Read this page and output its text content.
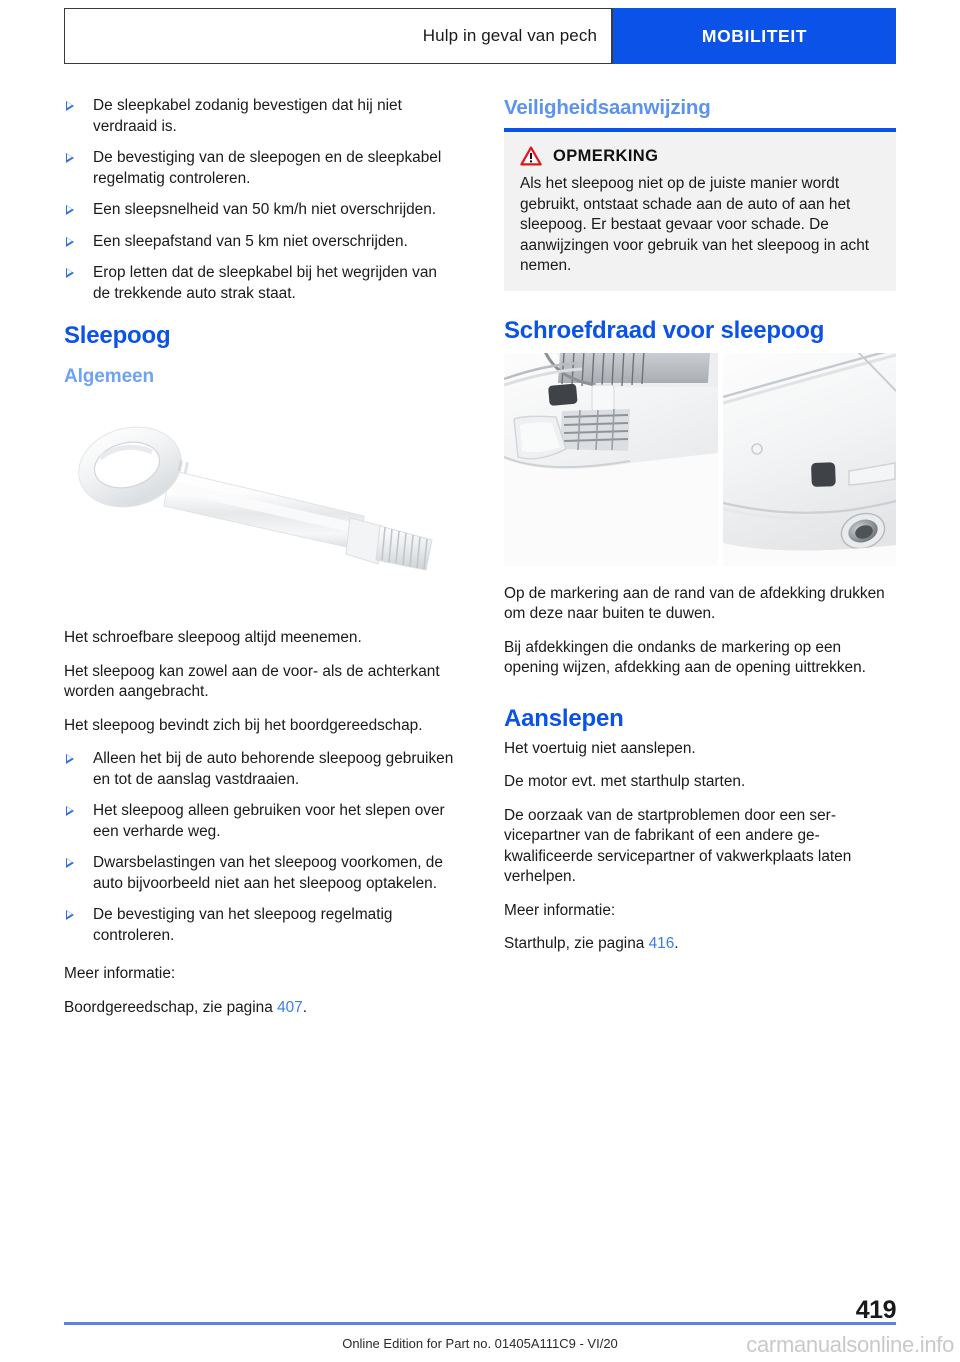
Hulp in geval van pech	MOBILITEIT
De sleepkabel zodanig bevestigen dat hij niet verdraaid is.
De bevestiging van de sleepogen en de sleepkabel regelmatig controleren.
Een sleepsnelheid van 50 km/h niet overschrijden.
Een sleepafstand van 5 km niet overschrijden.
Erop letten dat de sleepkabel bij het wegrijden van de trekkende auto strak staat.
Sleepoog
Algemeen

Het schroefbare sleepoog altijd meenemen.

Het sleepoog kan zowel aan de voor- als de achterkant worden aangebracht.

Het sleepoog bevindt zich bij het boordgereedschap.

Alleen het bij de auto behorende sleepoog gebruiken en tot de aanslag vastdraaien.
Het sleepoog alleen gebruiken voor het slepen over een verharde weg.
Dwarsbelastingen van het sleepoog voorkomen, de auto bijvoorbeeld niet aan het sleepoog optakelen.
De bevestiging van het sleepoog regelmatig controleren.

Meer informatie:

Boordgereedschap, zie pagina 407.

Veiligheidsaanwijzing
OPMERKING

Als het sleepoog niet op de juiste manier wordt gebruikt, ontstaat schade aan de auto of aan het sleepoog. Er bestaat gevaar voor schade. De aanwijzingen voor gebruik van het sleepoog in acht nemen.

Schroefdraad voor sleepoog

Op de markering aan de rand van de afdekking drukken om deze naar buiten te duwen.

Bij afdekkingen die ondanks de markering op een opening wijzen, afdekking aan de opening uittrekken.

Aanslepen

Het voertuig niet aanslepen.

De motor evt. met starthulp starten.

De oorzaak van de startproblemen door een servicepartner van de fabrikant of een andere gekwalificeerde servicepartner of vakwerkplaats laten verhelpen.

Meer informatie:

Starthulp, zie pagina 416.

419
Online Edition for Part no. 01405A111C9 - VI/20	carmanualsonline.info
